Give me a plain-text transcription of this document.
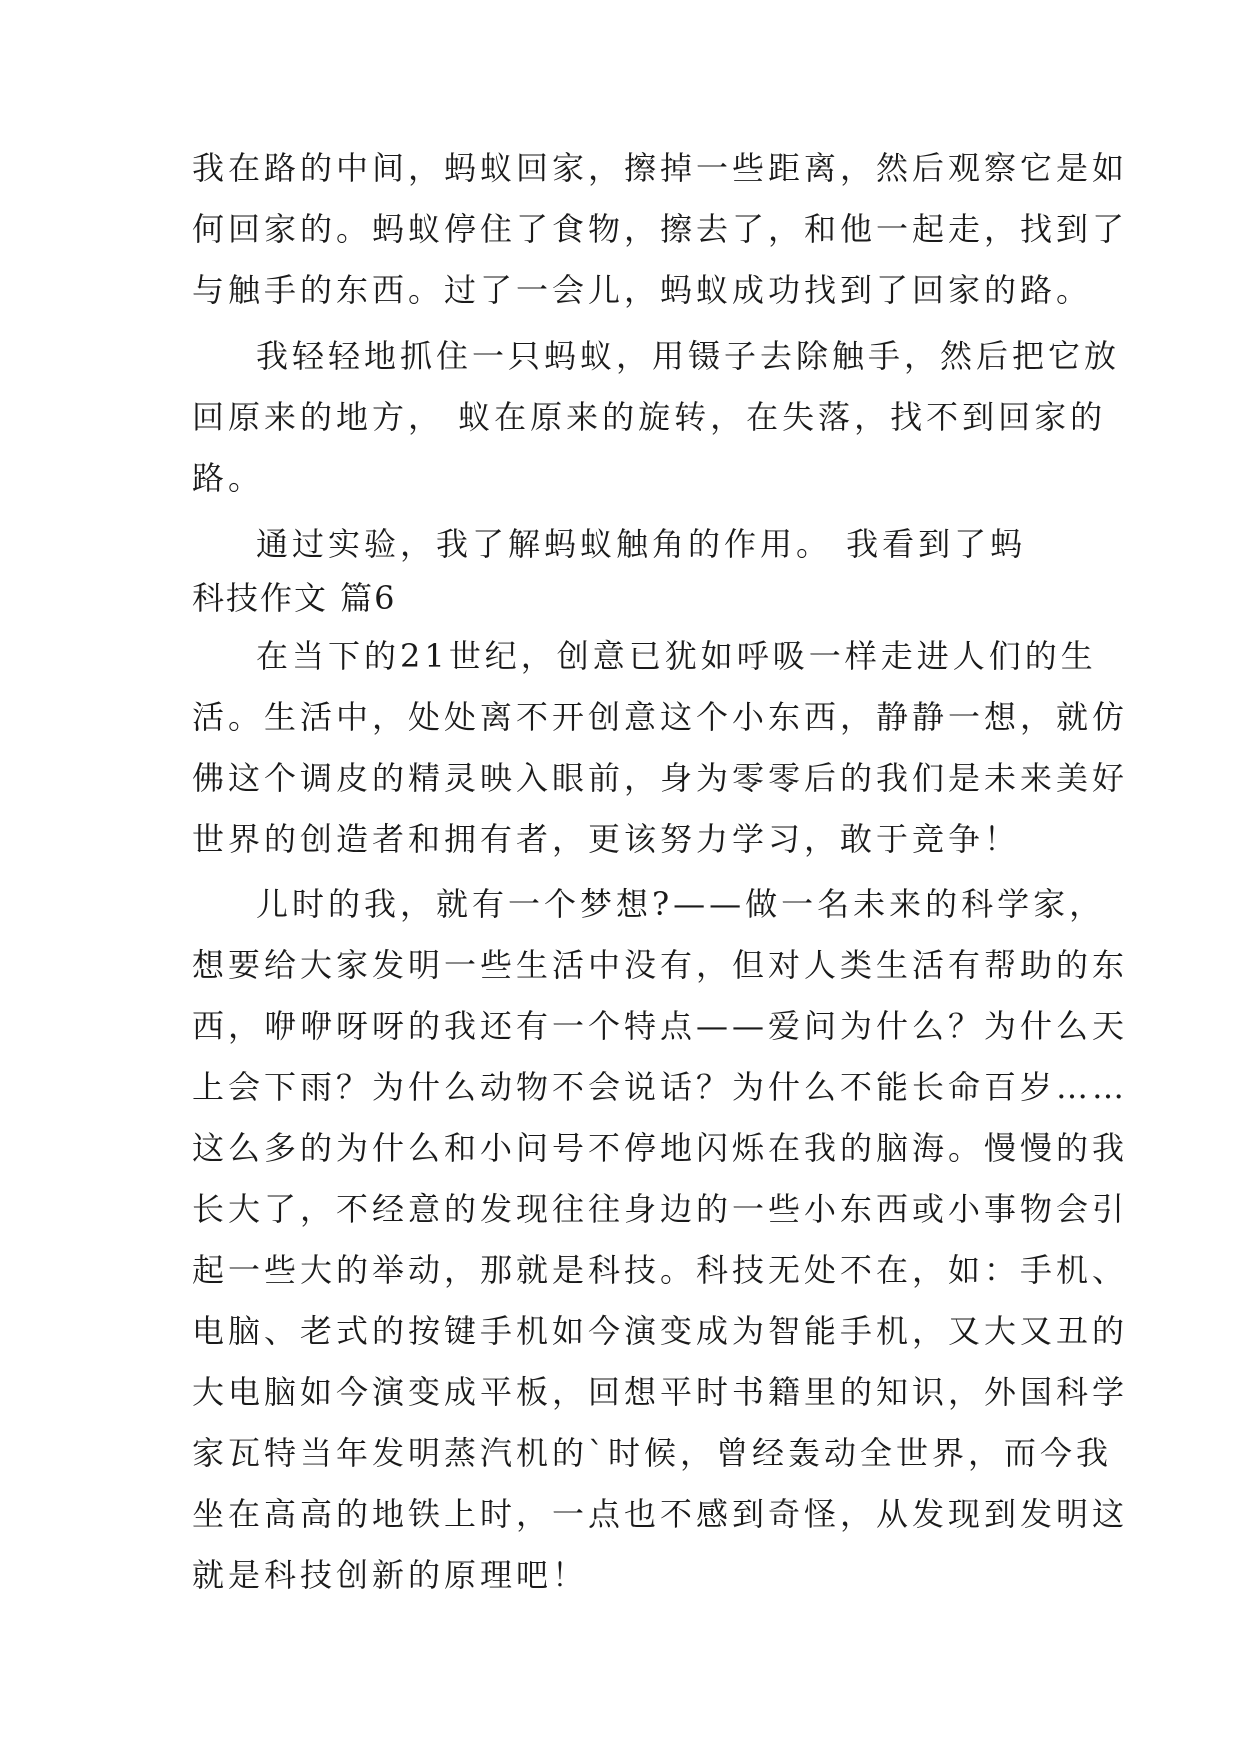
我在路的中间，蚂蚁回家，擦掉一些距离，然后观察它是如
何回家的。蚂蚁停住了食物，擦去了，和他一起走，找到了
与触手的东西。过了一会儿，蚂蚁成功找到了回家的路。
我轻轻地抓住一只蚂蚁，用镊子去除触手，然后把它放
回原来的地方， 蚁在原来的旋转，在失落，找不到回家的
路。
通过实验，我了解蚂蚁触角的作用。 我看到了蚂
科技作文 篇6
在当下的21世纪，创意已犹如呼吸一样走进人们的生
活。生活中，处处离不开创意这个小东西，静静一想，就仿
佛这个调皮的精灵映入眼前，身为零零后的我们是未来美好
世界的创造者和拥有者，更该努力学习，敢于竞争！
儿时的我，就有一个梦想?——做一名未来的科学家，
想要给大家发明一些生活中没有，但对人类生活有帮助的东
西，咿咿呀呀的我还有一个特点——爱问为什么？为什么天
上会下雨？为什么动物不会说话？为什么不能长命百岁……
这么多的为什么和小问号不停地闪烁在我的脑海。慢慢的我
长大了，不经意的发现往往身边的一些小东西或小事物会引
起一些大的举动，那就是科技。科技无处不在，如：手机、
电脑、老式的按键手机如今演变成为智能手机，又大又丑的
大电脑如今演变成平板，回想平时书籍里的知识，外国科学
家瓦特当年发明蒸汽机的`时候，曾经轰动全世界，而今我
坐在高高的地铁上时，一点也不感到奇怪，从发现到发明这
就是科技创新的原理吧！
